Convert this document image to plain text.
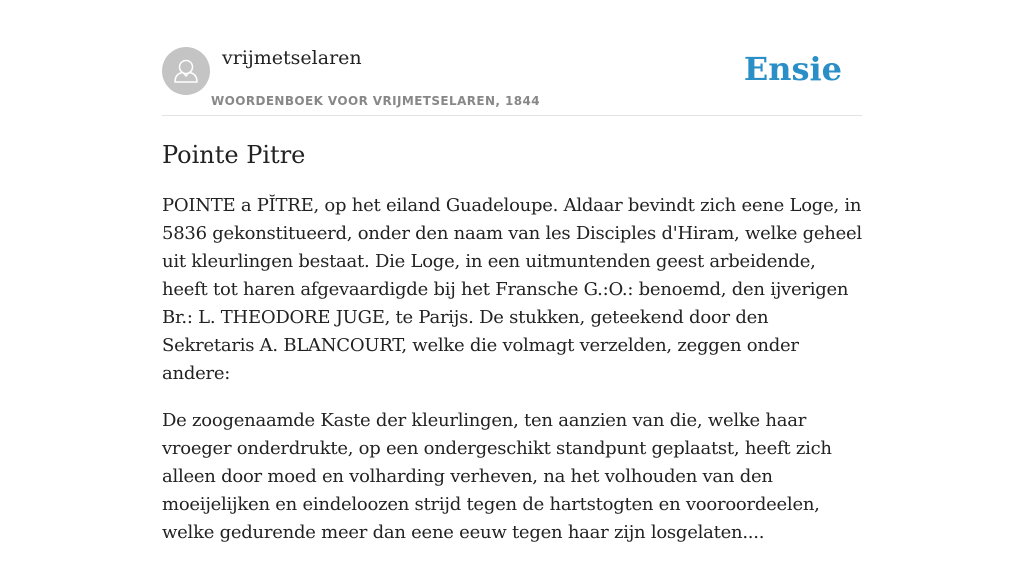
vrijmetselaren
WOORDENBOEK VOOR VRIJMETSELAREN, 1844
Ensie
Pointe Pitre

POINTE a PĬTRE, op het eiland Guadeloupe. Aldaar bevindt zich eene Loge, in 5836 gekonstitueerd, onder den naam van les Disciples d'Hiram, welke geheel uit kleurlingen bestaat. Die Loge, in een uitmuntenden geest arbeidende, heeft tot haren afgevaardigde bij het Fransche G.:O.: benoemd, den ijverigen Br.: L. THEODORE JUGE, te Parijs. De stukken, geteekend door den Sekretaris A. BLANCOURT, welke die volmagt verzelden, zeggen onder andere:

De zoogenaamde Kaste der kleurlingen, ten aanzien van die, welke haar vroeger onderdrukte, op een ondergeschikt standpunt geplaatst, heeft zich alleen door moed en volharding verheven, na het volhouden van den moeijelijken en eindeloozen strijd tegen de hartstogten en vooroordeelen, welke gedurende meer dan eene eeuw tegen haar zijn losgelaten....
